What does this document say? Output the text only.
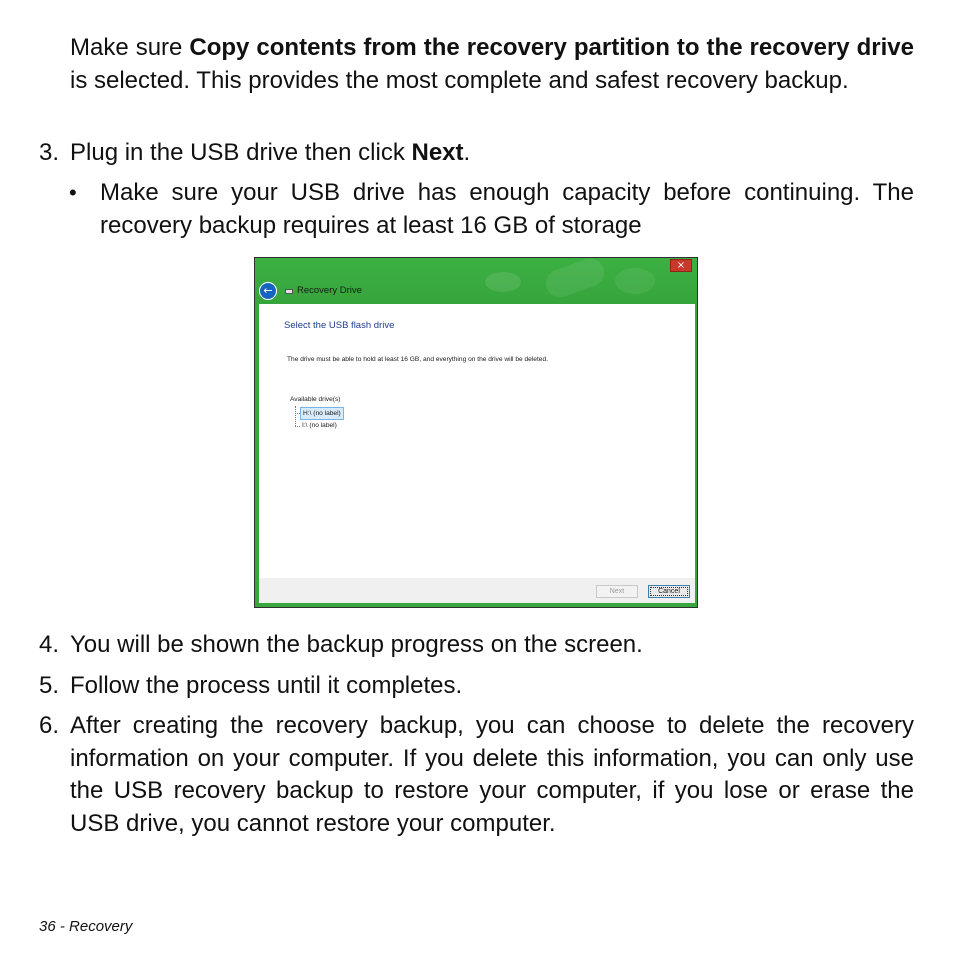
Make sure Copy contents from the recovery partition to the recovery drive is selected. This provides the most complete and safest recovery backup.
3. Plug in the USB drive then click Next.
• Make sure your USB drive has enough capacity before continuing. The recovery backup requires at least 16 GB of storage
×
←	Recovery Drive
Select the USB flash drive
The drive must be able to hold at least 16 GB, and everything on the drive will be deleted.
Available drive(s)
H:\ (no label)
I:\ (no label)
Next	Cancel
4. You will be shown the backup progress on the screen.
5. Follow the process until it completes.
6. After creating the recovery backup, you can choose to delete the recovery information on your computer. If you delete this information, you can only use the USB recovery backup to restore your computer, if you lose or erase the USB drive, you cannot restore your computer.
36 - Recovery
